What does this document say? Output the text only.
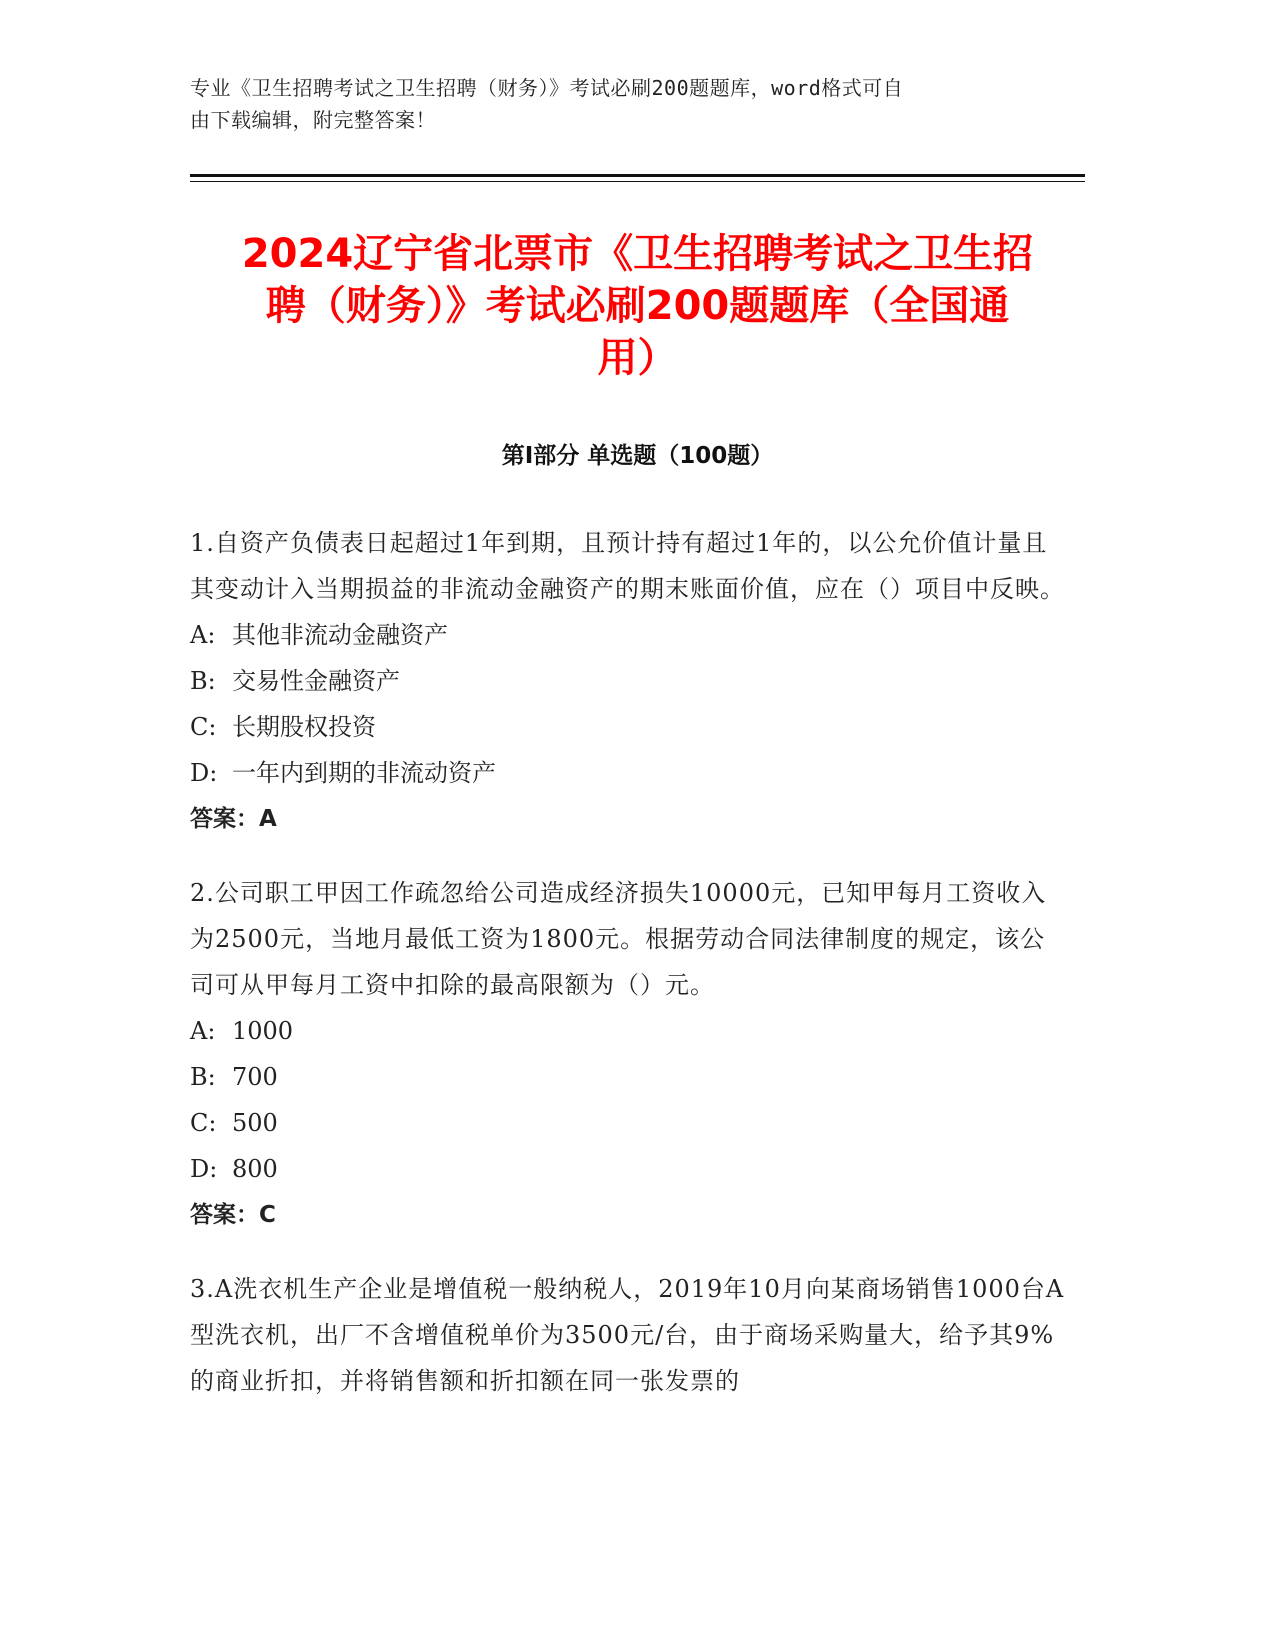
专业《卫生招聘考试之卫生招聘（财务）》考试必刷200题题库，word格式可自
由下载编辑，附完整答案！
2024辽宁省北票市《卫生招聘考试之卫生招
聘（财务）》考试必刷200题题库（全国通
用）
第Ⅰ部分 单选题（100题）

1.自资产负债表日起超过1年到期，且预计持有超过1年的，以公允价值计量且其变动计入当期损益的非流动金融资产的期末账面价值，应在（）项目中反映。

A: 其他非流动金融资产
B: 交易性金融资产
C: 长期股权投资
D: 一年内到期的非流动资产
答案：A

2.公司职工甲因工作疏忽给公司造成经济损失10000元，已知甲每月工资收入为2500元，当地月最低工资为1800元。根据劳动合同法律制度的规定，该公司可从甲每月工资中扣除的最高限额为（）元。

A: 1000
B: 700
C: 500
D: 800
答案：C

3.A洗衣机生产企业是增值税一般纳税人，2019年10月向某商场销售1000台A型洗衣机，出厂不含增值税单价为3500元/台，由于商场采购量大，给予其9%的商业折扣，并将销售额和折扣额在同一张发票的
